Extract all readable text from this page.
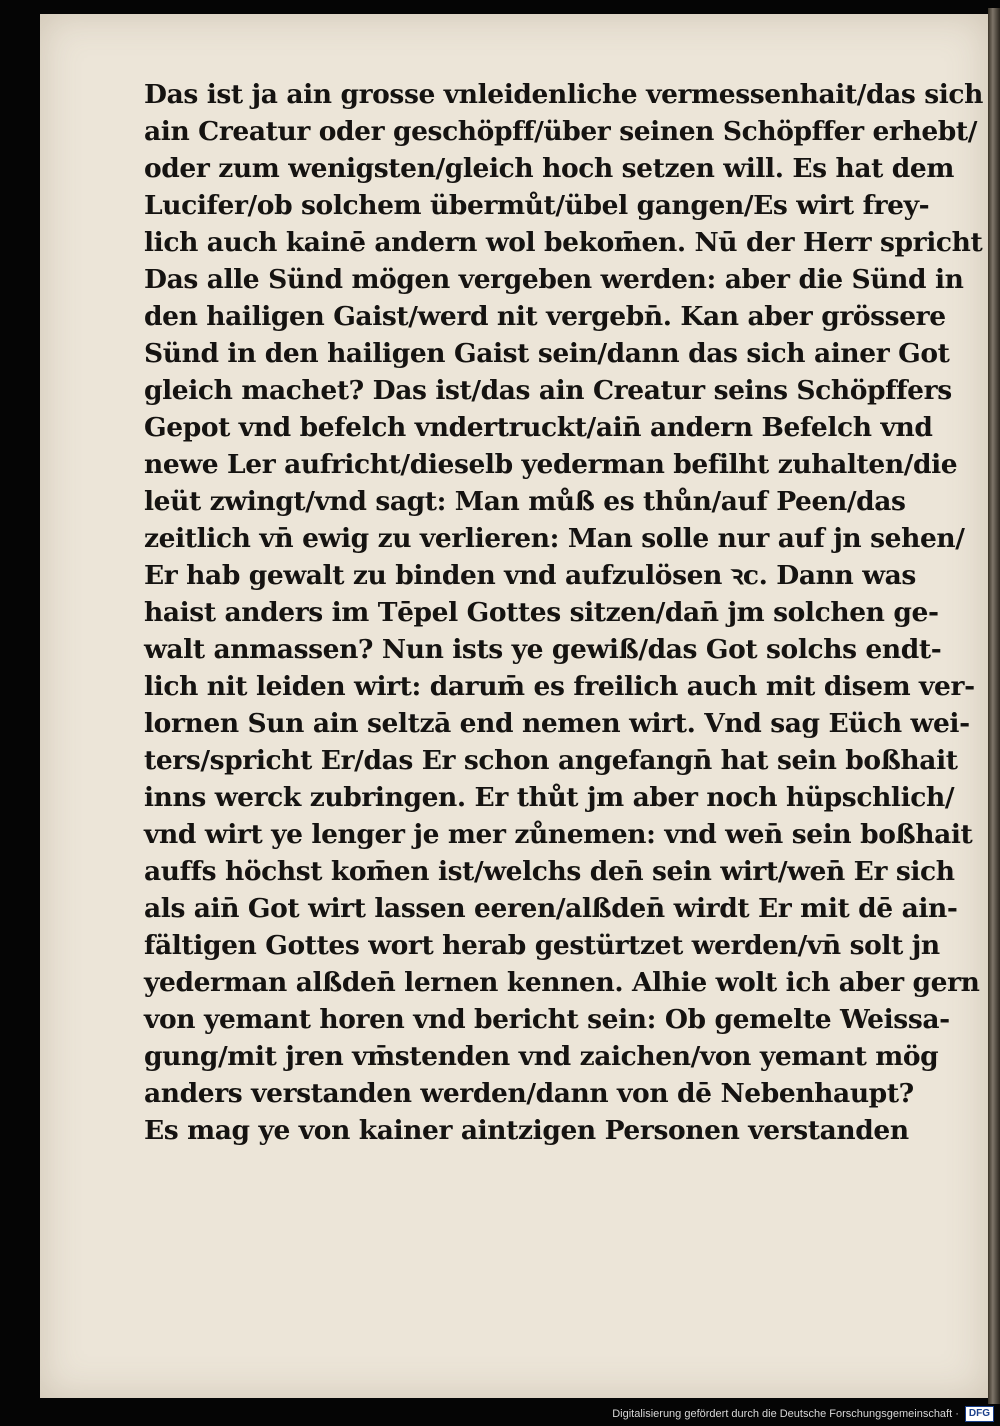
Das ist ja ain grosse vnleidenliche vermessenhait/das sich
ain Creatur oder geschöpff/über seinen Schöpffer erhebt/
oder zum wenigsten/gleich hoch setzen will. Es hat dem
Lucifer/ob solchem übermůt/übel gangen/Es wirt frey-
lich auch kainē andern wol bekom̄en. Nū der Herr spricht
Das alle Sünd mögen vergeben werden: aber die Sünd in
den hailigen Gaist/werd nit vergebn̄. Kan aber grössere
Sünd in den hailigen Gaist sein/dann das sich ainer Got
gleich machet? Das ist/das ain Creatur seins Schöpffers
Gepot vnd befelch vndertruckt/ain̄ andern Befelch vnd
newe Ler aufricht/dieselb yederman befilht zuhalten/die
leüt zwingt/vnd sagt: Man můß es thůn/auf Peen/das
zeitlich vn̄ ewig zu verlieren: Man solle nur auf jn sehen/
Er hab gewalt zu binden vnd aufzulösen ꝛc. Dann was
haist anders im Tēpel Gottes sitzen/dan̄ jm solchen ge-
walt anmassen? Nun ists ye gewiß/das Got solchs endt-
lich nit leiden wirt: darum̄ es freilich auch mit disem ver-
lornen Sun ain seltzā end nemen wirt. Vnd sag Eüch wei-
ters/spricht Er/das Er schon angefangn̄ hat sein boßhait
inns werck zubringen. Er thůt jm aber noch hüpschlich/
vnd wirt ye lenger je mer zůnemen: vnd wen̄ sein boßhait
auffs höchst kom̄en ist/welchs den̄ sein wirt/wen̄ Er sich
als ain̄ Got wirt lassen eeren/alßden̄ wirdt Er mit dē ain-
fältigen Gottes wort herab gestürtzet werden/vn̄ solt jn
yederman alßden̄ lernen kennen. Alhie wolt ich aber gern
von yemant horen vnd bericht sein: Ob gemelte Weissa-
gung/mit jren vm̄stenden vnd zaichen/von yemant mög
anders verstanden werden/dann von dē Nebenhaupt?
Es mag ye von kainer aintzigen Personen verstanden
Digitalisierung gefördert durch die Deutsche Forschungsgemeinschaft ·	DFG
